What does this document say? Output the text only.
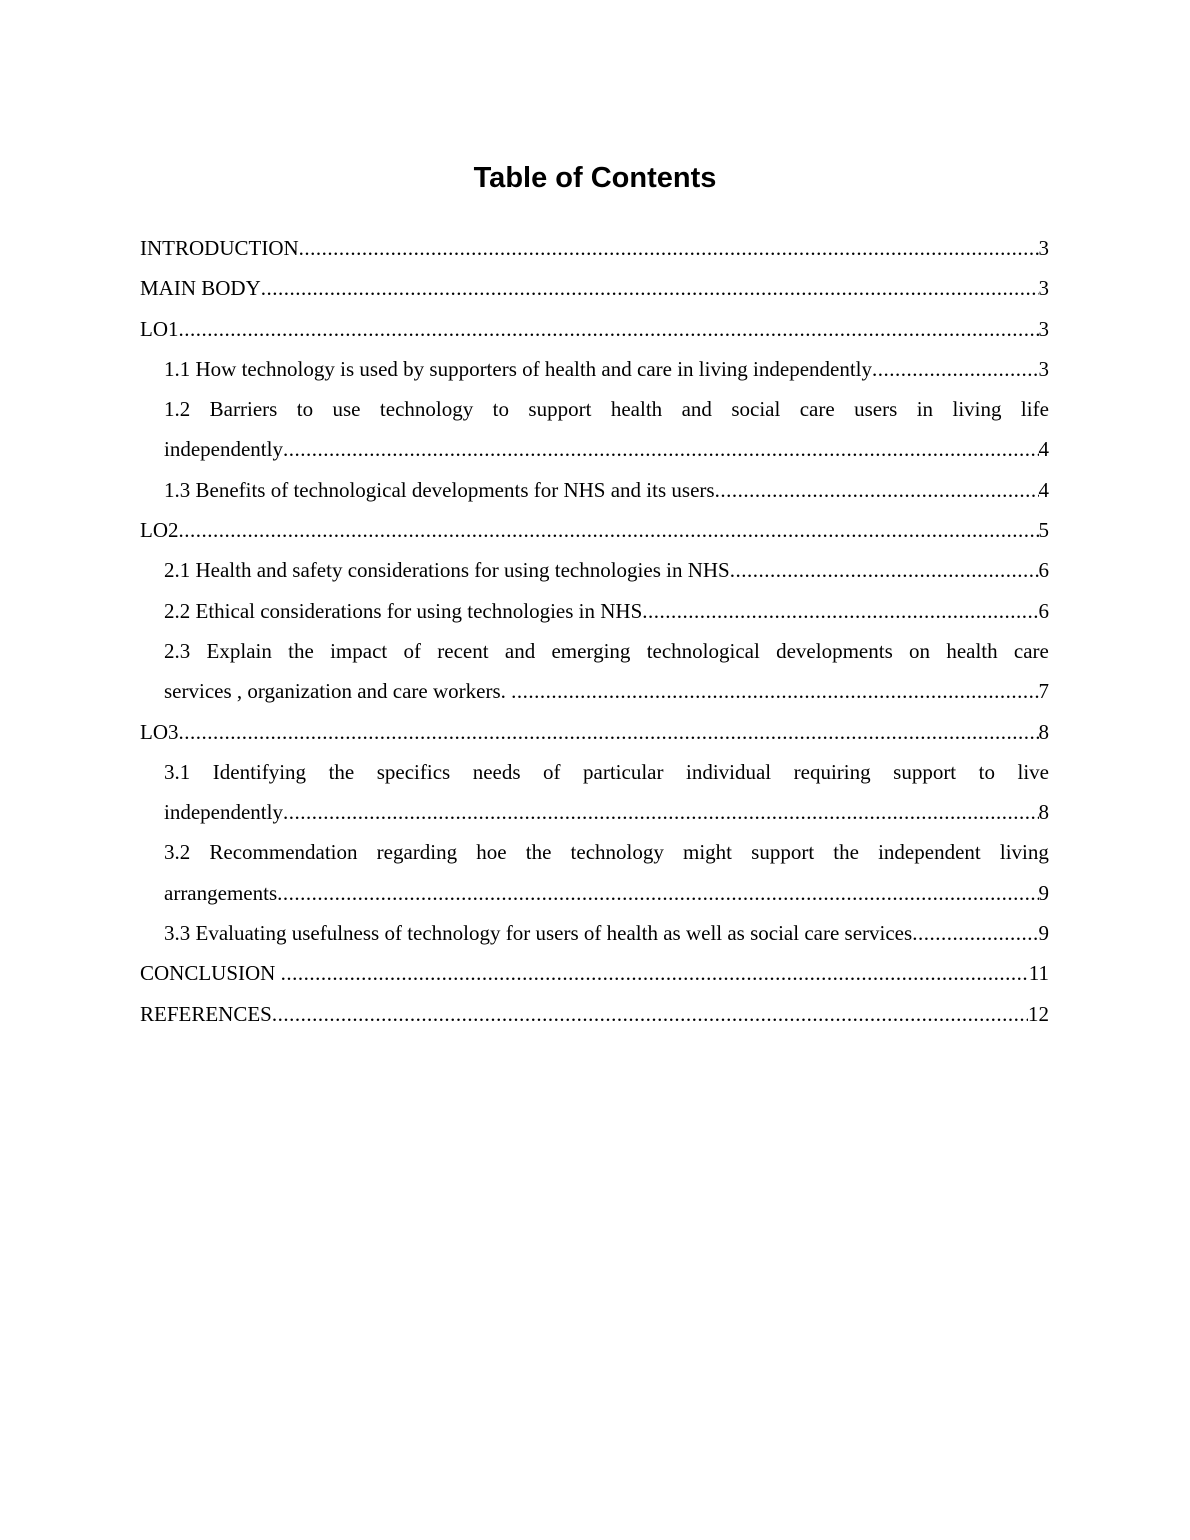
Table of Contents
INTRODUCTION .....	3
MAIN BODY .....	3
LO1 .....	3
1.1 How technology is used by supporters of health and care in living independently .....	3
1.2 Barriers to use technology to support health and social care users in living life
independently .....	4
1.3 Benefits of technological developments for NHS and its users .....	4
LO2 .....	5
2.1 Health and safety considerations for using technologies in NHS .....	6
2.2 Ethical considerations for using technologies in NHS .....	6
2.3 Explain the impact of recent and emerging technological developments on health care
services , organization and care workers. .....	7
LO3 .....	8
3.1 Identifying the specifics needs of particular individual requiring support to live
independently .....	8
3.2 Recommendation regarding hoe the technology might support the independent living
arrangements .....	9
3.3 Evaluating usefulness of technology for users of health as well as social care services .....	9
CONCLUSION .....	11
REFERENCES .....	12
